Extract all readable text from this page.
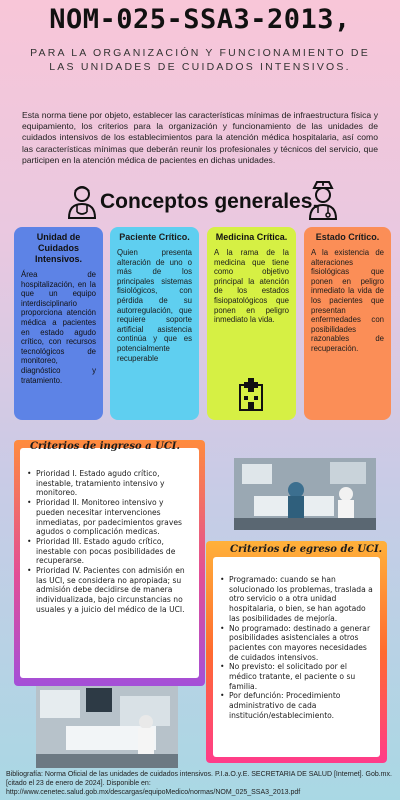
NOM-025-SSA3-2013,
PARA LA ORGANIZACIÓN Y FUNCIONAMIENTO DE LAS UNIDADES DE CUIDADOS INTENSIVOS.
Esta norma tiene por objeto, establecer las características mínimas de infraestructura física y equipamiento, los criterios para la organización y funcionamiento de las unidades de cuidados intensivos de los establecimientos para la atención médica hospitalaria, así como las características mínimas que deberán reunir los profesionales y técnicos del servicio, que participen en la atención médica de pacientes en dichas unidades.
Conceptos generales.
Unidad de Cuidados Intensivos.

Área de hospitalización, en la que un equipo interdisciplinario proporciona atención médica a pacientes en estado agudo crítico, con recursos tecnológicos de monitoreo, diagnóstico y tratamiento.

Paciente Crítico.

Quien presenta alteración de uno o más de los principales sistemas fisiológicos, con pérdida de su autorregulación, que requiere soporte artificial asistencia continúa y que es potencialmente recuperable

Medicina Crítica.

A la rama de la medicina que tiene como objetivo principal la atención de los estados fisiopatológicos que ponen en peligro inmediato la vida.

Estado Crítico.

A la existencia de alteraciones fisiológicas que ponen en peligro inmediato la vida de los pacientes que presentan enfermedades con posibilidades razonables de recuperación.

• Prioridad I. Estado agudo crítico, inestable, tratamiento intensivo y monitoreo.
• Prioridad II. Monitoreo intensivo y pueden necesitar intervenciones inmediatas, por padecimientos graves agudos o complicación medicas.
• Prioridad III. Estado agudo crítico, inestable con pocas posibilidades de recuperarse.
• Prioridad IV. Pacientes con admisión en las UCI, se considera no apropiada; su admisión debe decidirse de manera individualizada, bajo circunstancias no usuales y a juicio del médico de la UCI.
Criterios de ingreso a UCI.
• Programado: cuando se han solucionado los problemas, traslada a otro servicio o a otra unidad hospitalaria, o bien, se han agotado las posibilidades de mejoría.
• No programado: destinado a generar posibilidades asistenciales a otros pacientes con mayores necesidades de cuidados intensivos.
• No previsto: el solicitado por el médico tratante, el paciente o su familia.
• Por defunción: Procedimiento administrativo de cada institución/establecimiento.
Criterios de egreso de UCI.
Bibliografía: Norma Oficial de las unidades de cuidados intensivos. P.I.a.O.y.E. SECRETARIA DE SALUD [Internet]. Gob.mx. [citado el 23 de enero de 2024]. Disponible en: http://www.cenetec.salud.gob.mx/descargas/equipoMedico/normas/NOM_025_SSA3_2013.pdf
